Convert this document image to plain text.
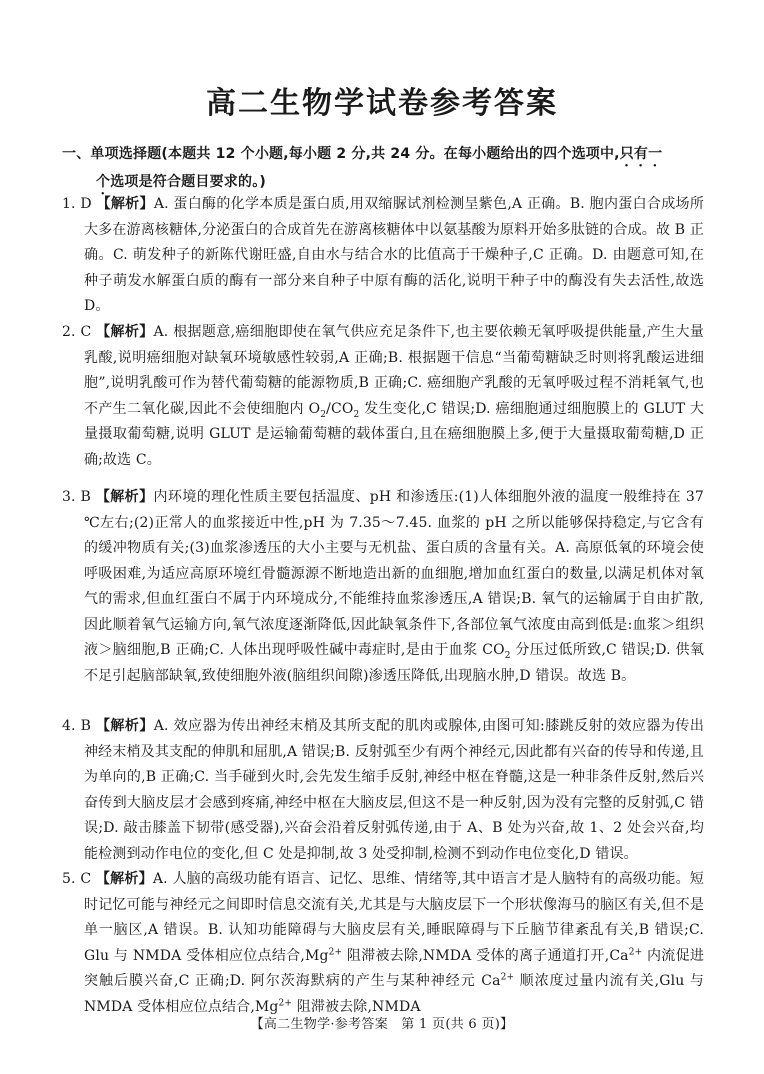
高二生物学试卷参考答案
一、单项选择题(本题共 12 个小题,每小题 2 分,共 24 分。在每小题给出的四个选项中,只有一
个选项是符合题目要求的。)

1. D 【解析】A. 蛋白酶的化学本质是蛋白质,用双缩脲试剂检测呈紫色,A 正确。B. 胞内蛋白合成场所大多在游离核糖体,分泌蛋白的合成首先在游离核糖体中以氨基酸为原料开始多肽链的合成。故 B 正确。C. 萌发种子的新陈代谢旺盛,自由水与结合水的比值高于干燥种子,C 正确。D. 由题意可知,在种子萌发水解蛋白质的酶有一部分来自种子中原有酶的活化,说明干种子中的酶没有失去活性,故选 D。

2. C 【解析】A. 根据题意,癌细胞即使在氧气供应充足条件下,也主要依赖无氧呼吸提供能量,产生大量乳酸,说明癌细胞对缺氧环境敏感性较弱,A 正确;B. 根据题干信息“当葡萄糖缺乏时则将乳酸运进细胞”,说明乳酸可作为替代葡萄糖的能源物质,B 正确;C. 癌细胞产乳酸的无氧呼吸过程不消耗氧气,也不产生二氧化碳,因此不会使细胞内 $O_2/CO_2$ 发生变化,C 错误;D. 癌细胞通过细胞膜上的 GLUT 大量摄取葡萄糖,说明 GLUT 是运输葡萄糖的载体蛋白,且在癌细胞膜上多,便于大量摄取葡萄糖,D 正确;故选 C。

3. B 【解析】内环境的理化性质主要包括温度、pH 和渗透压:(1)人体细胞外液的温度一般维持在 37 ℃左右;(2)正常人的血浆接近中性,pH 为 7.35～7.45. 血浆的 pH 之所以能够保持稳定,与它含有的缓冲物质有关;(3)血浆渗透压的大小主要与无机盐、蛋白质的含量有关。A. 高原低氧的环境会使呼吸困难,为适应高原环境红骨髓源源不断地造出新的血细胞,增加血红蛋白的数量,以满足机体对氧气的需求,但血红蛋白不属于内环境成分,不能维持血浆渗透压,A 错误;B. 氧气的运输属于自由扩散,因此顺着氧气运输方向,氧气浓度逐渐降低,因此缺氧条件下,各部位氧气浓度由高到低是:血浆＞组织液＞脑细胞,B 正确;C. 人体出现呼吸性碱中毒症时,是由于血浆 $CO_2$ 分压过低所致,C 错误;D. 供氧不足引起脑部缺氧,致使细胞外液(脑组织间隙)渗透压降低,出现脑水肿,D 错误。故选 B。

4. B 【解析】A. 效应器为传出神经末梢及其所支配的肌肉或腺体,由图可知:膝跳反射的效应器为传出神经末梢及其支配的伸肌和屈肌,A 错误;B. 反射弧至少有两个神经元,因此都有兴奋的传导和传递,且为单向的,B 正确;C. 当手碰到火时,会先发生缩手反射,神经中枢在脊髓,这是一种非条件反射,然后兴奋传到大脑皮层才会感到疼痛,神经中枢在大脑皮层,但这不是一种反射,因为没有完整的反射弧,C 错误;D. 敲击膝盖下韧带(感受器),兴奋会沿着反射弧传递,由于 A、B 处为兴奋,故 1、2 处会兴奋,均能检测到动作电位的变化,但 C 处是抑制,故 3 处受抑制,检测不到动作电位变化,D 错误。

5. C 【解析】A. 人脑的高级功能有语言、记忆、思维、情绪等,其中语言才是人脑特有的高级功能。短时记忆可能与神经元之间即时信息交流有关,尤其是与大脑皮层下一个形状像海马的脑区有关,但不是单一脑区,A 错误。B. 认知功能障碍与大脑皮层有关,睡眠障碍与下丘脑节律紊乱有关,B 错误;C. Glu 与 NMDA 受体相应位点结合$,Mg^{2+}$ 阻滞被去除,NMDA 受体的离子通道打开$,Ca^{2+}$ 内流促进突触后膜兴奋,C 正确;D. 阿尔茨海默病的产生与某种神经元 $Ca^{2+}$ 顺浓度过量内流有关,Glu 与 NMDA 受体相应位点结合$,Mg^{2+}$ 阻滞被去除,NMDA

【高二生物学·参考答案　第 1 页(共 6 页)】
